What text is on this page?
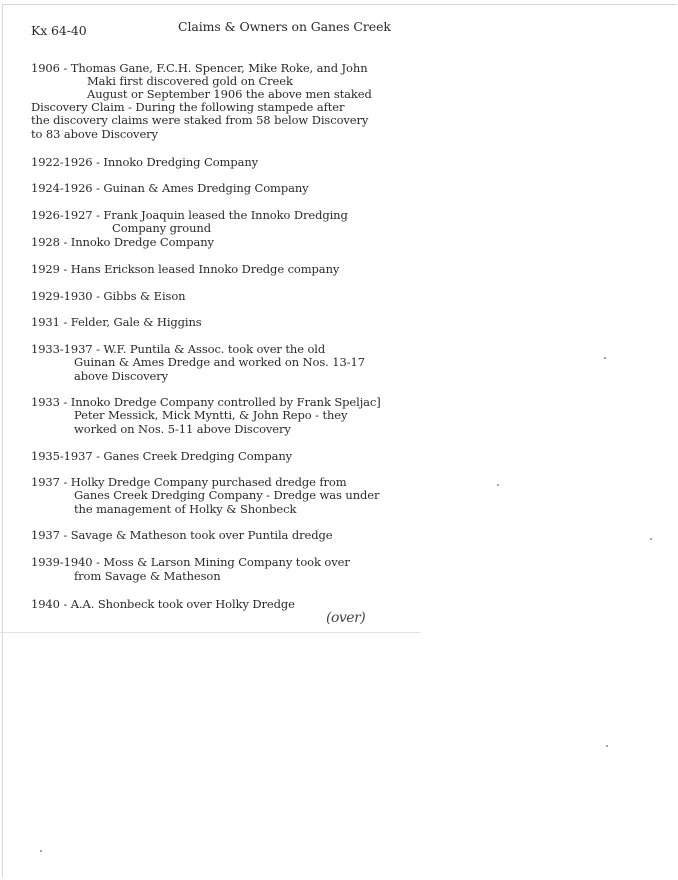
Kx 64-40	Claims & Owners on Ganes Creek
1906 - Thomas Gane, F.C.H. Spencer, Mike Roke, and John
Maki first discovered gold on Creek
August or September 1906 the above men staked
Discovery Claim - During the following stampede after
the discovery claims were staked from 58 below Discovery
to 83 above Discovery
1922-1926 - Innoko Dredging Company
1924-1926 - Guinan & Ames Dredging Company
1926-1927 - Frank Joaquin leased the Innoko Dredging
Company ground
1928 - Innoko Dredge Company
1929 - Hans Erickson leased Innoko Dredge company
1929-1930 - Gibbs & Eison
1931 - Felder, Gale & Higgins
1933-1937 - W.F. Puntila & Assoc. took over the old
Guinan & Ames Dredge and worked on Nos. 13-17
above Discovery
1933 - Innoko Dredge Company controlled by Frank Speljac]
Peter Messick, Mick Myntti, & John Repo - they
worked on Nos. 5-11 above Discovery
1935-1937 - Ganes Creek Dredging Company
1937 - Holky Dredge Company purchased dredge from
Ganes Creek Dredging Company - Dredge was under
the management of Holky & Shonbeck
1937 - Savage & Matheson took over Puntila dredge
1939-1940 - Moss & Larson Mining Company took over
from Savage & Matheson
1940 - A.A. Shonbeck took over Holky Dredge
(over)
